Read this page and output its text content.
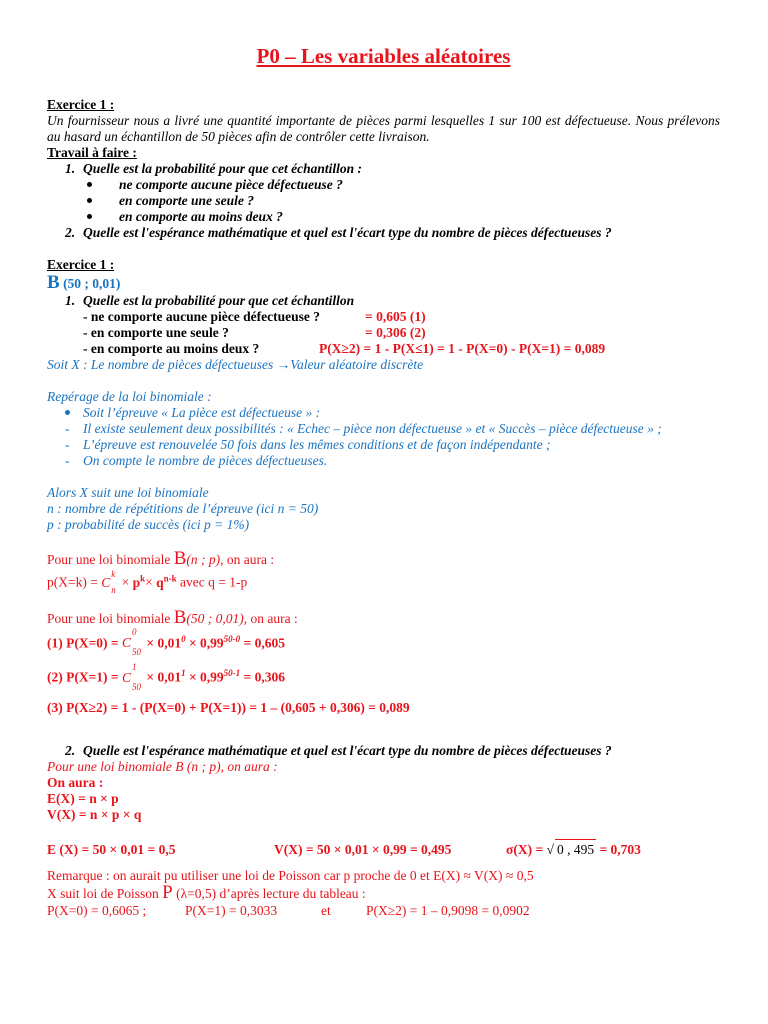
P0 – Les variables aléatoires
Exercice 1 :
Un fournisseur nous a livré une quantité importante de pièces parmi lesquelles 1 sur 100 est défectueuse. Nous prélevons au hasard un échantillon de 50 pièces afin de contrôler cette livraison.
Travail à faire :
1. Quelle est la probabilité pour que cet échantillon :
ne comporte aucune pièce défectueuse ?
en comporte une seule ?
en comporte au moins deux ?
2. Quelle est l'espérance mathématique et quel est l'écart type du nombre de pièces défectueuses ?
Exercice 1 :
B (50 ; 0,01)
1. Quelle est la probabilité pour que cet échantillon
- ne comporte aucune pièce défectueuse ?	= 0,605 (1)
- en comporte une seule ?	= 0,306 (2)
- en comporte au moins deux ?	P(X≥2) = 1 - P(X≤1) = 1 - P(X=0) - P(X=1) = 0,089
Soit X : Le nombre de pièces défectueuses →Valeur aléatoire discrète
Repérage de la loi binomiale :
Soit l’épreuve « La pièce est défectueuse » :
- Il existe seulement deux possibilités : « Echec – pièce non défectueuse » et « Succès – pièce défectueuse » ;
- L’épreuve est renouvelée 50 fois dans les mêmes conditions et de façon indépendante ;
- On compte le nombre de pièces défectueuses.
Alors X suit une loi binomiale
n : nombre de répétitions de l’épreuve (ici n = 50)
p : probabilité de succès (ici p = 1%)
Pour une loi binomiale B(n ; p), on aura :
p(X=k) = C
k
$n \times p^k\times q^{n-k}$ avec q = 1-p
Pour une loi binomiale B(50 ; 0,01), on aura :
(1) P(X=0) = C
0
50
× $0,01^0 \times 0,99^{50-0} = 0,605$
(2) P(X=1) = C
1
50
× $0,01^1 \times 0,99^{50-1} = 0,306$
(3) P(X≥2) = 1 - (P(X=0) + P(X=1)) = 1 – (0,605 + 0,306) = 0,089
2. Quelle est l'espérance mathématique et quel est l'écart type du nombre de pièces défectueuses ?
Pour une loi binomiale B (n ; p), on aura :
On aura :
E(X) = n × p
V(X) = n × p × q
E (X) = 50 × 0,01 = 0,5	V(X) = 50 × 0,01 × 0,99 = 0,495	σ(X) = √ 0 , 495 = 0,703
Remarque : on aurait pu utiliser une loi de Poisson car p proche de 0 et E(X) ≈ V(X) ≈ 0,5
X suit loi de Poisson P (λ=0,5) d’après lecture du tableau :
P(X=0) = 0,6065 ;	P(X=1) = 0,3033	et	P(X≥2) = 1 – 0,9098 = 0,0902
